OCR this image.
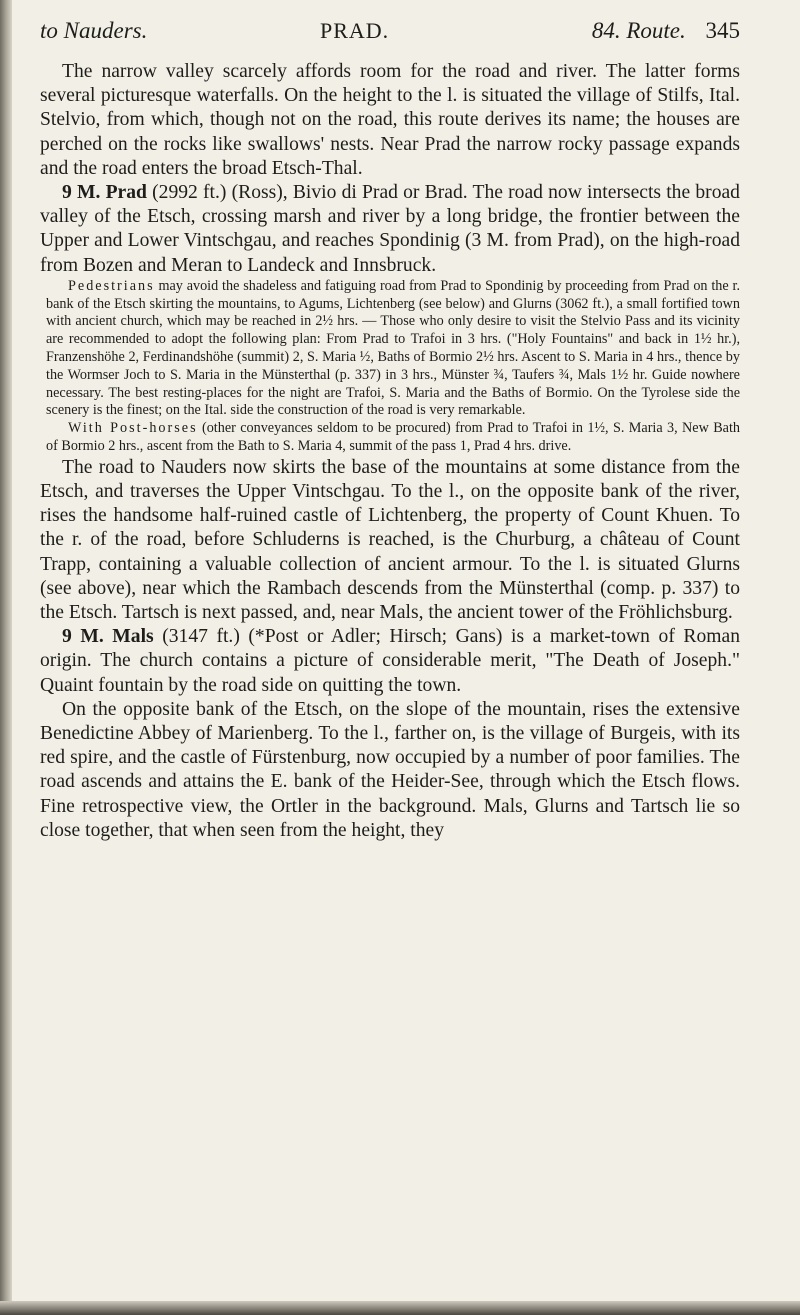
to Nauders.	PRAD.	84. Route. 345

The narrow valley scarcely affords room for the road and river. The latter forms several picturesque waterfalls. On the height to the l. is situated the village of Stilfs, Ital. Stelvio, from which, though not on the road, this route derives its name; the houses are perched on the rocks like swallows' nests. Near Prad the narrow rocky passage expands and the road enters the broad Etsch-Thal.

9 M. Prad (2992 ft.) (Ross), Bivio di Prad or Brad. The road now intersects the broad valley of the Etsch, crossing marsh and river by a long bridge, the frontier between the Upper and Lower Vintschgau, and reaches Spondinig (3 M. from Prad), on the high-road from Bozen and Meran to Landeck and Innsbruck.

Pedestrians may avoid the shadeless and fatiguing road from Prad to Spondinig by proceeding from Prad on the r. bank of the Etsch skirting the mountains, to Agums, Lichtenberg (see below) and Glurns (3062 ft.), a small fortified town with ancient church, which may be reached in 2½ hrs. — Those who only desire to visit the Stelvio Pass and its vicinity are recommended to adopt the following plan: From Prad to Trafoi in 3 hrs. ("Holy Fountains" and back in 1½ hr.), Franzenshöhe 2, Ferdinandshöhe (summit) 2, S. Maria ½, Baths of Bormio 2½ hrs. Ascent to S. Maria in 4 hrs., thence by the Wormser Joch to S. Maria in the Münsterthal (p. 337) in 3 hrs., Münster ¾, Taufers ¾, Mals 1½ hr. Guide nowhere necessary. The best resting-places for the night are Trafoi, S. Maria and the Baths of Bormio. On the Tyrolese side the scenery is the finest; on the Ital. side the construction of the road is very remarkable.

With Post-horses (other conveyances seldom to be procured) from Prad to Trafoi in 1½, S. Maria 3, New Bath of Bormio 2 hrs., ascent from the Bath to S. Maria 4, summit of the pass 1, Prad 4 hrs. drive.

The road to Nauders now skirts the base of the mountains at some distance from the Etsch, and traverses the Upper Vintschgau. To the l., on the opposite bank of the river, rises the handsome half-ruined castle of Lichtenberg, the property of Count Khuen. To the r. of the road, before Schluderns is reached, is the Churburg, a château of Count Trapp, containing a valuable collection of ancient armour. To the l. is situated Glurns (see above), near which the Rambach descends from the Münsterthal (comp. p. 337) to the Etsch. Tartsch is next passed, and, near Mals, the ancient tower of the Fröhlichsburg.

9 M. Mals (3147 ft.) (*Post or Adler; Hirsch; Gans) is a market-town of Roman origin. The church contains a picture of considerable merit, "The Death of Joseph." Quaint fountain by the road side on quitting the town.

On the opposite bank of the Etsch, on the slope of the mountain, rises the extensive Benedictine Abbey of Marienberg. To the l., farther on, is the village of Burgeis, with its red spire, and the castle of Fürstenburg, now occupied by a number of poor families. The road ascends and attains the E. bank of the Heider-See, through which the Etsch flows. Fine retrospective view, the Ortler in the background. Mals, Glurns and Tartsch lie so close together, that when seen from the height, they
